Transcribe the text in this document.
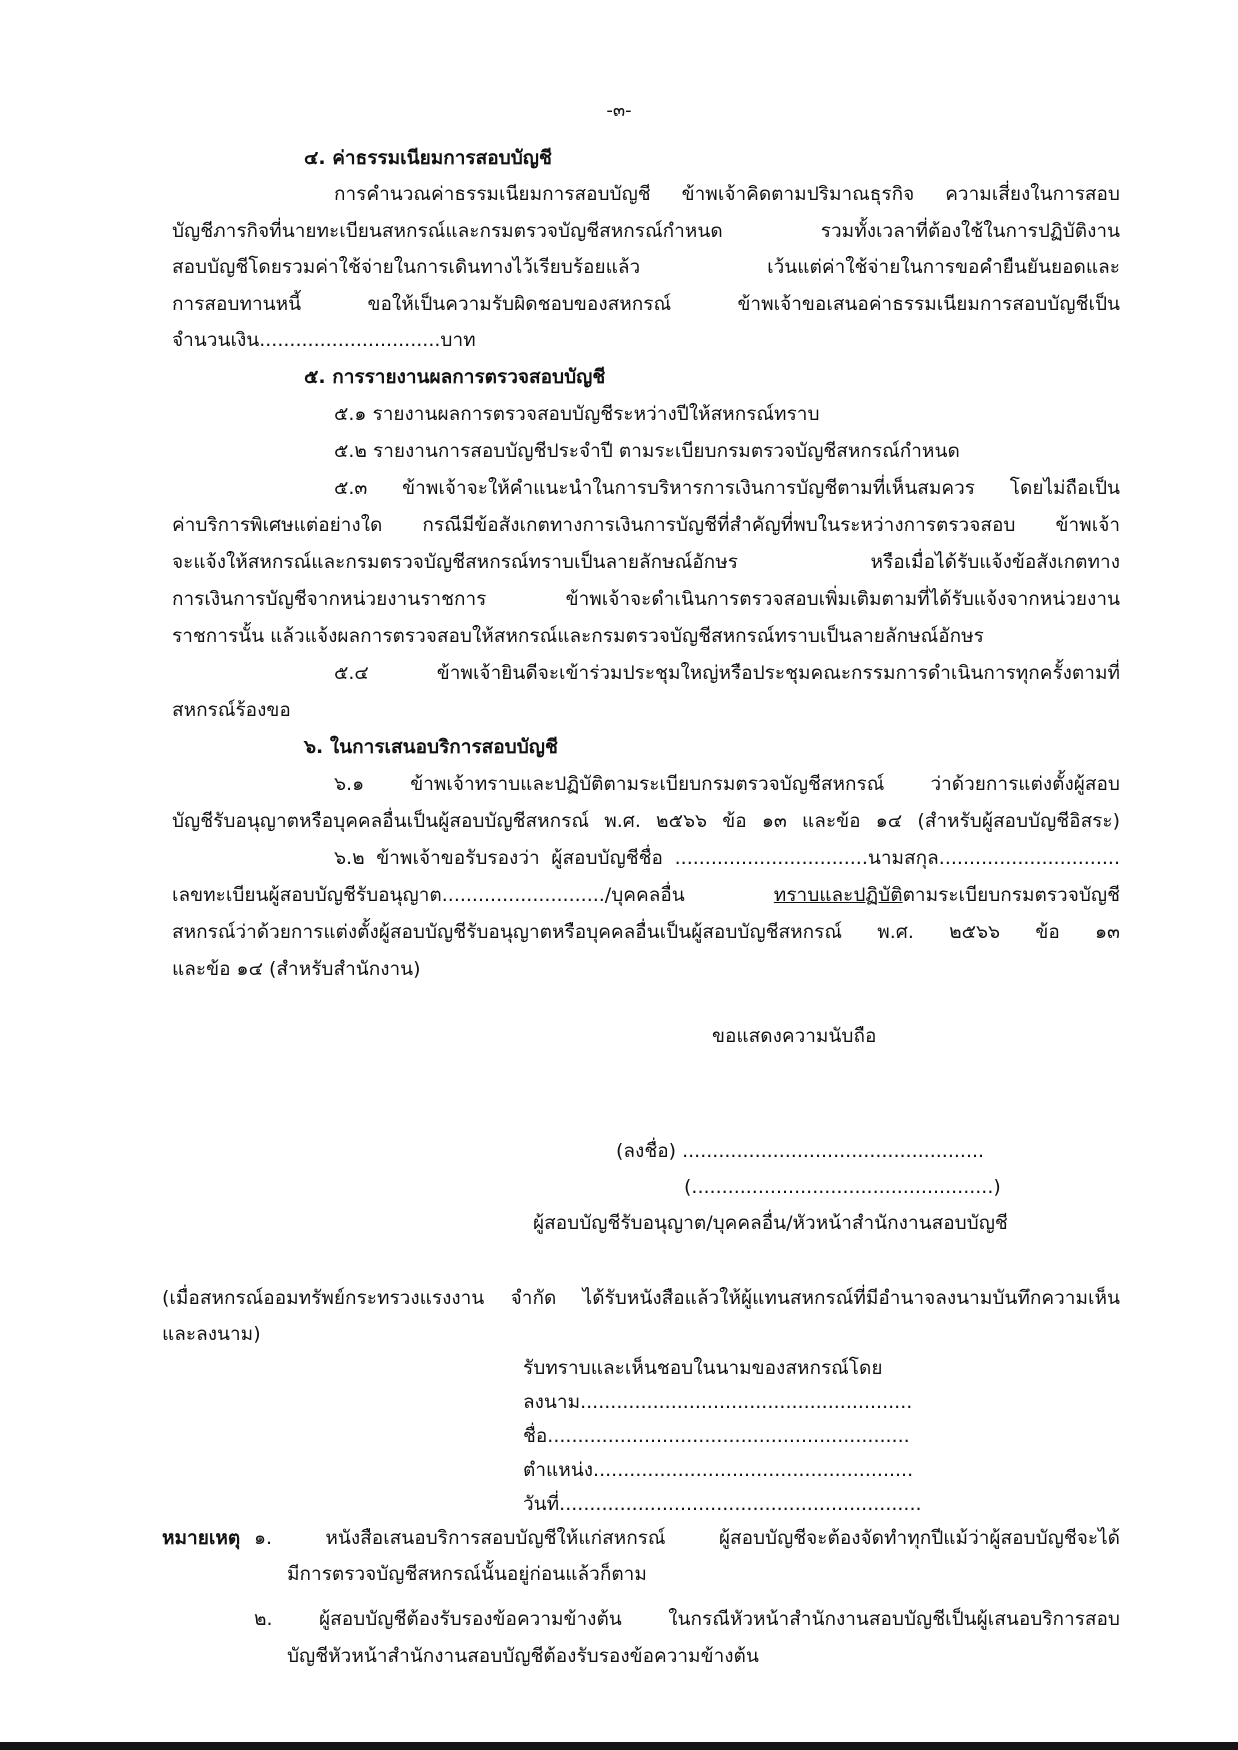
-๓-
๔. ค่าธรรมเนียมการสอบบัญชี
การคำนวณค่าธรรมเนียมการสอบบัญชี ข้าพเจ้าคิดตามปริมาณธุรกิจ ความเสี่ยงในการสอบ
บัญชีภารกิจที่นายทะเบียนสหกรณ์และกรมตรวจบัญชีสหกรณ์กำหนด รวมทั้งเวลาที่ต้องใช้ในการปฏิบัติงาน
สอบบัญชีโดยรวมค่าใช้จ่ายในการเดินทางไว้เรียบร้อยแล้ว เว้นแต่ค่าใช้จ่ายในการขอคำยืนยันยอดและ
การสอบทานหนี้ ขอให้เป็นความรับผิดชอบของสหกรณ์ ข้าพเจ้าขอเสนอค่าธรรมเนียมการสอบบัญชีเป็น
จำนวนเงิน..............................บาท
๕. การรายงานผลการตรวจสอบบัญชี
๕.๑ รายงานผลการตรวจสอบบัญชีระหว่างปีให้สหกรณ์ทราบ
๕.๒ รายงานการสอบบัญชีประจำปี ตามระเบียบกรมตรวจบัญชีสหกรณ์กำหนด
๕.๓ ข้าพเจ้าจะให้คำแนะนำในการบริหารการเงินการบัญชีตามที่เห็นสมควร โดยไม่ถือเป็น
ค่าบริการพิเศษแต่อย่างใด กรณีมีข้อสังเกตทางการเงินการบัญชีที่สำคัญที่พบในระหว่างการตรวจสอบ ข้าพเจ้า
จะแจ้งให้สหกรณ์และกรมตรวจบัญชีสหกรณ์ทราบเป็นลายลักษณ์อักษร หรือเมื่อได้รับแจ้งข้อสังเกตทาง
การเงินการบัญชีจากหน่วยงานราชการ ข้าพเจ้าจะดำเนินการตรวจสอบเพิ่มเติมตามที่ได้รับแจ้งจากหน่วยงาน
ราชการนั้น แล้วแจ้งผลการตรวจสอบให้สหกรณ์และกรมตรวจบัญชีสหกรณ์ทราบเป็นลายลักษณ์อักษร
๕.๔ ข้าพเจ้ายินดีจะเข้าร่วมประชุมใหญ่หรือประชุมคณะกรรมการดำเนินการทุกครั้งตามที่
สหกรณ์ร้องขอ
๖. ในการเสนอบริการสอบบัญชี
๖.๑ ข้าพเจ้าทราบและปฏิบัติตามระเบียบกรมตรวจบัญชีสหกรณ์ ว่าด้วยการแต่งตั้งผู้สอบ
บัญชีรับอนุญาตหรือบุคคลอื่นเป็นผู้สอบบัญชีสหกรณ์ พ.ศ. ๒๕๖๖ ข้อ ๑๓ และข้อ ๑๔ (สำหรับผู้สอบบัญชีอิสระ)
๖.๒ ข้าพเจ้าขอรับรองว่า ผู้สอบบัญชีชื่อ ................................นามสกุล..............................
เลขทะเบียนผู้สอบบัญชีรับอนุญาต.........................../บุคคลอื่น ทราบและปฏิบัติตามระเบียบกรมตรวจบัญชี
สหกรณ์ว่าด้วยการแต่งตั้งผู้สอบบัญชีรับอนุญาตหรือบุคคลอื่นเป็นผู้สอบบัญชีสหกรณ์ พ.ศ. ๒๕๖๖ ข้อ ๑๓
และข้อ ๑๔ (สำหรับสำนักงาน)
ขอแสดงความนับถือ
(ลงชื่อ) ..................................................
(..................................................)
ผู้สอบบัญชีรับอนุญาต/บุคคลอื่น/หัวหน้าสำนักงานสอบบัญชี
(เมื่อสหกรณ์ออมทรัพย์กระทรวงแรงงาน จำกัด ได้รับหนังสือแล้วให้ผู้แทนสหกรณ์ที่มีอำนาจลงนามบันทึกความเห็น
และลงนาม)
รับทราบและเห็นชอบในนามของสหกรณ์โดย
ลงนาม.......................................................
ชื่อ............................................................
ตำแหน่ง.....................................................
วันที่............................................................
หมายเหตุ ๑. หนังสือเสนอบริการสอบบัญชีให้แก่สหกรณ์ ผู้สอบบัญชีจะต้องจัดทำทุกปีแม้ว่าผู้สอบบัญชีจะได้
มีการตรวจบัญชีสหกรณ์นั้นอยู่ก่อนแล้วก็ตาม
๒. ผู้สอบบัญชีต้องรับรองข้อความข้างต้น ในกรณีหัวหน้าสำนักงานสอบบัญชีเป็นผู้เสนอบริการสอบ
บัญชีหัวหน้าสำนักงานสอบบัญชีต้องรับรองข้อความข้างต้น
